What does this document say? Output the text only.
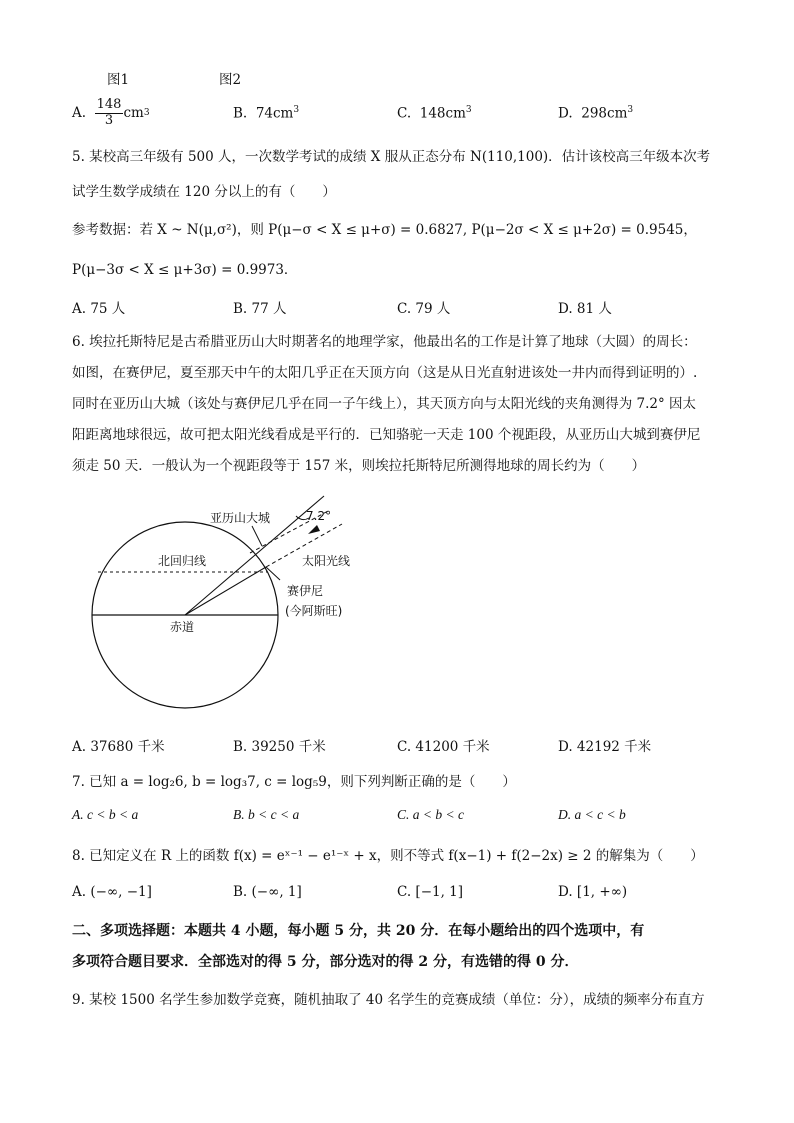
图1	图2
A.
$\frac{148}{3}$ cm 3	B. $74cm^3$	C. $148cm^3$	D. $298cm^3$
5. 某校高三年级有 500 人，一次数学考试的成绩 X 服从正态分布 N(110,100)．估计该校高三年级本次考
试学生数学成绩在 120 分以上的有（　　）
参考数据：若 X ~ N(μ,σ²)，则 P(μ−σ < X ≤ μ+σ) = 0.6827, P(μ−2σ < X ≤ μ+2σ) = 0.9545，
P(μ−3σ < X ≤ μ+3σ) = 0.9973．
A. 75 人	B. 77 人	C. 79 人	D. 81 人
6. 埃拉托斯特尼是古希腊亚历山大时期著名的地理学家，他最出名的工作是计算了地球（大圆）的周长：
如图，在赛伊尼，夏至那天中午的太阳几乎正在天顶方向（这是从日光直射进该处一井内而得到证明的）.
同时在亚历山大城（该处与赛伊尼几乎在同一子午线上），其天顶方向与太阳光线的夹角测得为 7.2° 因太
阳距离地球很远，故可把太阳光线看成是平行的．已知骆驼一天走 100 个视距段，从亚历山大城到赛伊尼
须走 50 天．一般认为一个视距段等于 157 米，则埃拉托斯特尼所测得地球的周长约为（　　）
亚历山大城	7.2°
北回归线	太阳光线
赛伊尼
(今阿斯旺)
赤道
A. 37680 千米	B. 39250 千米	C. 41200 千米	D. 42192 千米
7. 已知 a = log₂6, b = log₃7, c = log₅9，则下列判断正确的是（　　）
A. c < b < a	B. b < c < a	C. a < b < c	D. a < c < b
8. 已知定义在 R 上的函数 f(x) = eˣ⁻¹ − e¹⁻ˣ + x，则不等式 f(x−1) + f(2−2x) ≥ 2 的解集为（　　）
A. (−∞, −1]	B. (−∞, 1]	C. [−1, 1]	D. [1, +∞)
二、多项选择题：本题共 4 小题，每小题 5 分，共 20 分．在每小题给出的四个选项中，有
多项符合题目要求．全部选对的得 5 分，部分选对的得 2 分，有选错的得 0 分．
9. 某校 1500 名学生参加数学竞赛，随机抽取了 40 名学生的竞赛成绩（单位：分），成绩的频率分布直方
